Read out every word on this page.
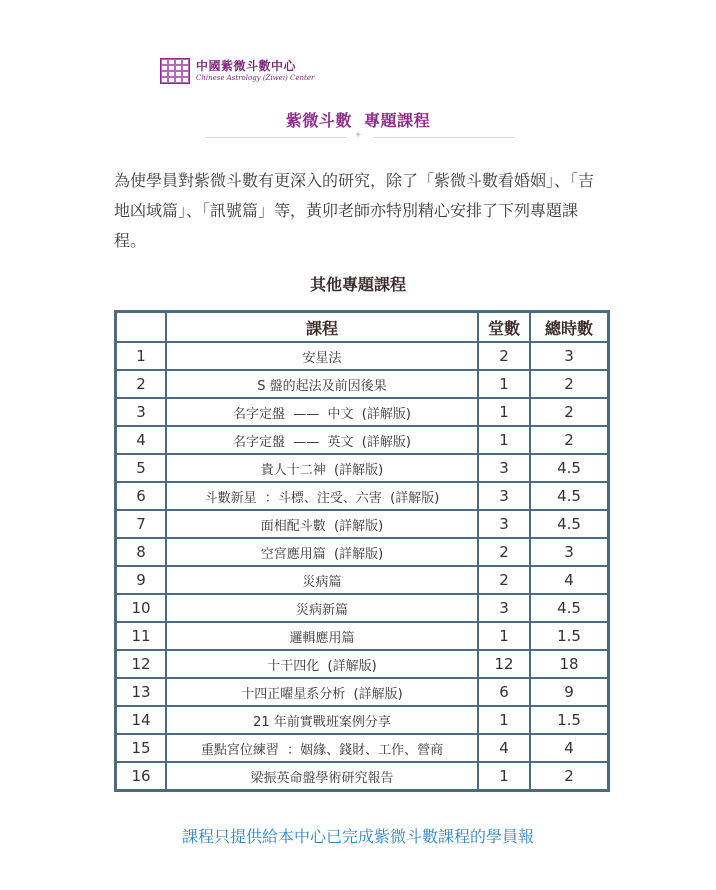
中國紫微斗數中心
Chinese Astrology (Ziwei) Center
紫微斗數  專題課程
✦
為使學員對紫微斗數有更深入的研究，除了「紫微斗數看婚姻」、「吉地凶域篇」、「訊號篇」等，黃卯老師亦特別精心安排了下列專題課程。
其他專題課程
	課程	堂數	總時數
1	安星法	2	3
2	S 盤的起法及前因後果	1	2
3	名字定盤  ——  中文  (詳解版)	1	2
4	名字定盤  ——  英文  (詳解版)	1	2
5	貴人十二神  (詳解版)	3	4.5
6	斗數新星  ：斗標、注受、六害  (詳解版)	3	4.5
7	面相配斗數  (詳解版)	3	4.5
8	空宮應用篇  (詳解版)	2	3
9	災病篇	2	4
10	災病新篇	3	4.5
11	邏輯應用篇	1	1.5
12	十干四化  (詳解版)	12	18
13	十四正曜星系分析  (詳解版)	6	9
14	21 年前實戰班案例分享	1	1.5
15	重點宮位練習  ：姻緣、錢財、工作、營商	4	4
16	梁振英命盤學術研究報告	1	2
課程只提供給本中心已完成紫微斗數課程的學員報
